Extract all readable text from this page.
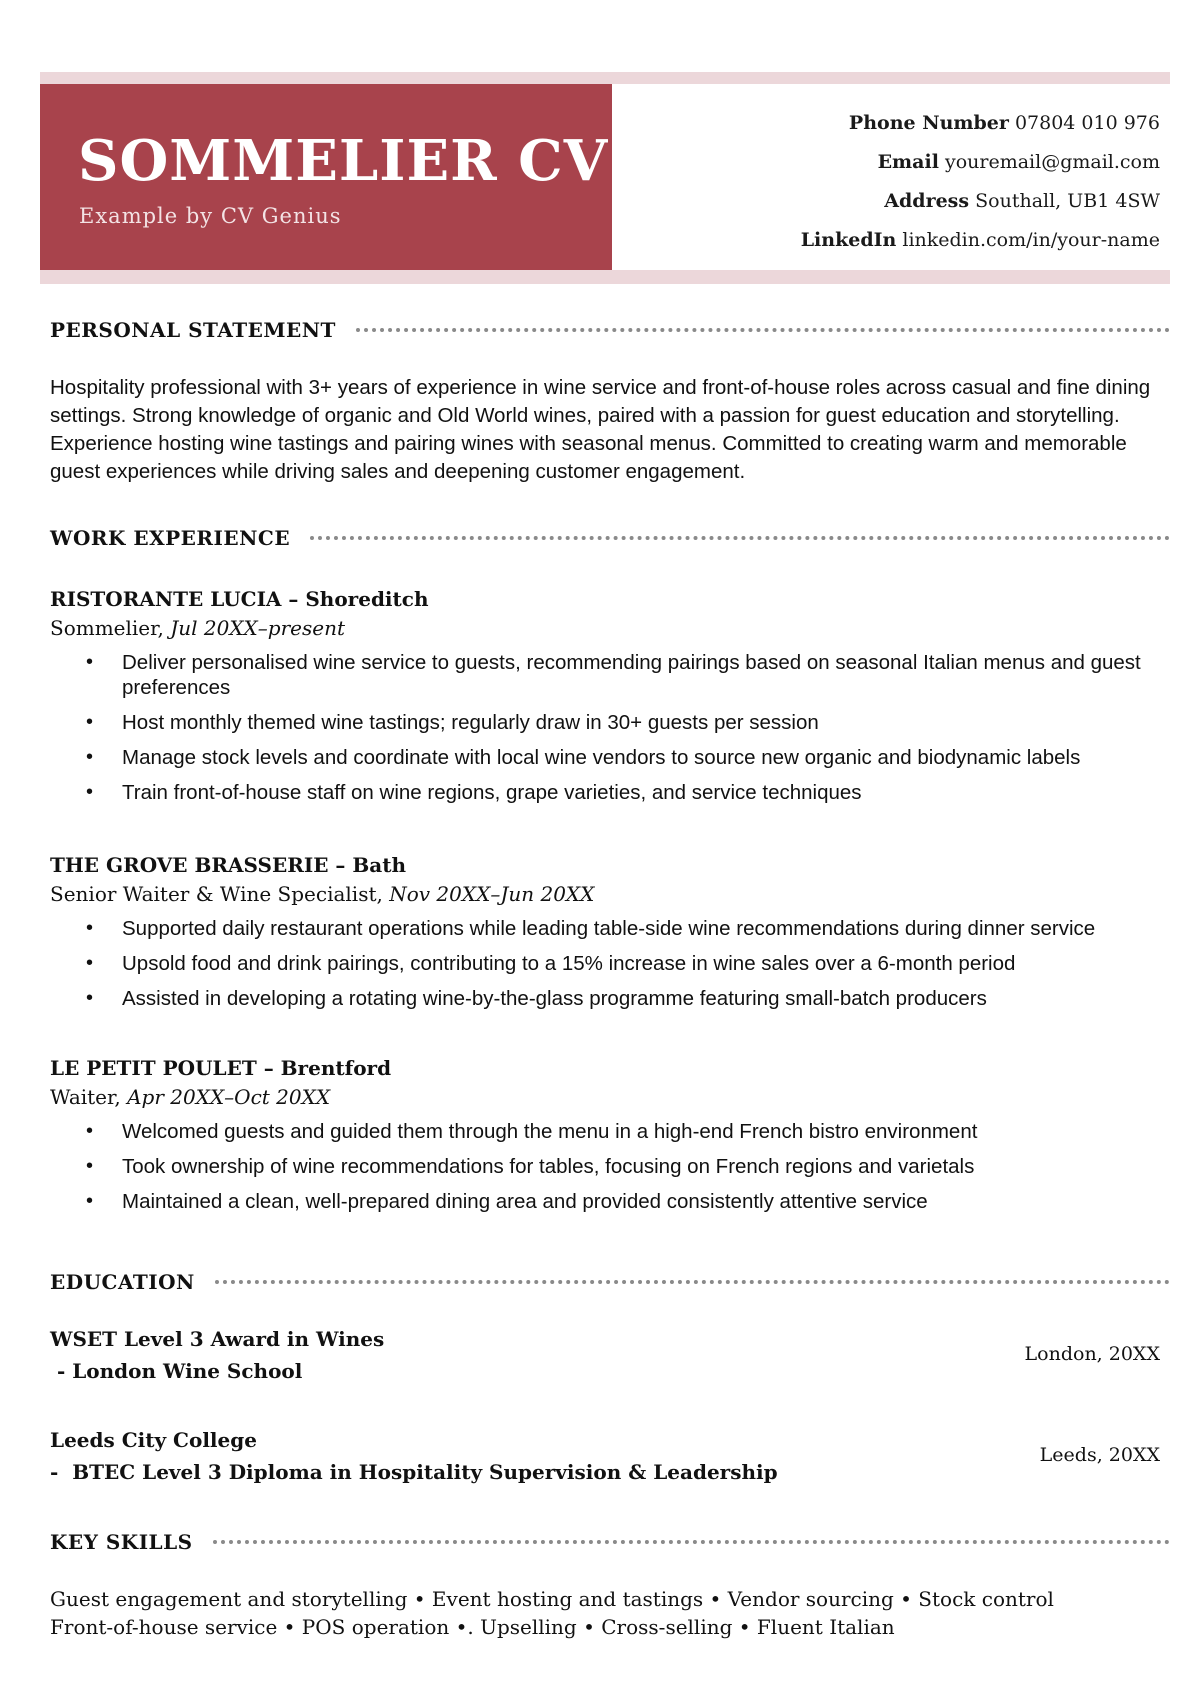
SOMMELIER CV
Example by CV Genius
Phone Number 07804 010 976
Email youremail@gmail.com
Address Southall, UB1 4SW
LinkedIn linkedin.com/in/your-name
PERSONAL STATEMENT

Hospitality professional with 3+ years of experience in wine service and front-of-house roles across casual and fine dining settings. Strong knowledge of organic and Old World wines, paired with a passion for guest education and storytelling. Experience hosting wine tastings and pairing wines with seasonal menus. Committed to creating warm and memorable guest experiences while driving sales and deepening customer engagement.

WORK EXPERIENCE
RISTORANTE LUCIA – Shoreditch
Sommelier, Jul 20XX–present
• Deliver personalised wine service to guests, recommending pairings based on seasonal Italian menus and guest preferences
• Host monthly themed wine tastings; regularly draw in 30+ guests per session
• Manage stock levels and coordinate with local wine vendors to source new organic and biodynamic labels
• Train front-of-house staff on wine regions, grape varieties, and service techniques
THE GROVE BRASSERIE – Bath
Senior Waiter & Wine Specialist, Nov 20XX–Jun 20XX
• Supported daily restaurant operations while leading table-side wine recommendations during dinner service
• Upsold food and drink pairings, contributing to a 15% increase in wine sales over a 6-month period
• Assisted in developing a rotating wine-by-the-glass programme featuring small-batch producers
LE PETIT POULET – Brentford
Waiter, Apr 20XX–Oct 20XX
• Welcomed guests and guided them through the menu in a high-end French bistro environment
• Took ownership of wine recommendations for tables, focusing on French regions and varietals
• Maintained a clean, well-prepared dining area and provided consistently attentive service
EDUCATION
WSET Level 3 Award in Wines
- London Wine School
London, 20XX
Leeds City College
-  BTEC Level 3 Diploma in Hospitality Supervision & Leadership
Leeds, 20XX
KEY SKILLS
Guest engagement and storytelling • Event hosting and tastings • Vendor sourcing • Stock control
Front-of-house service • POS operation •. Upselling • Cross-selling • Fluent Italian
